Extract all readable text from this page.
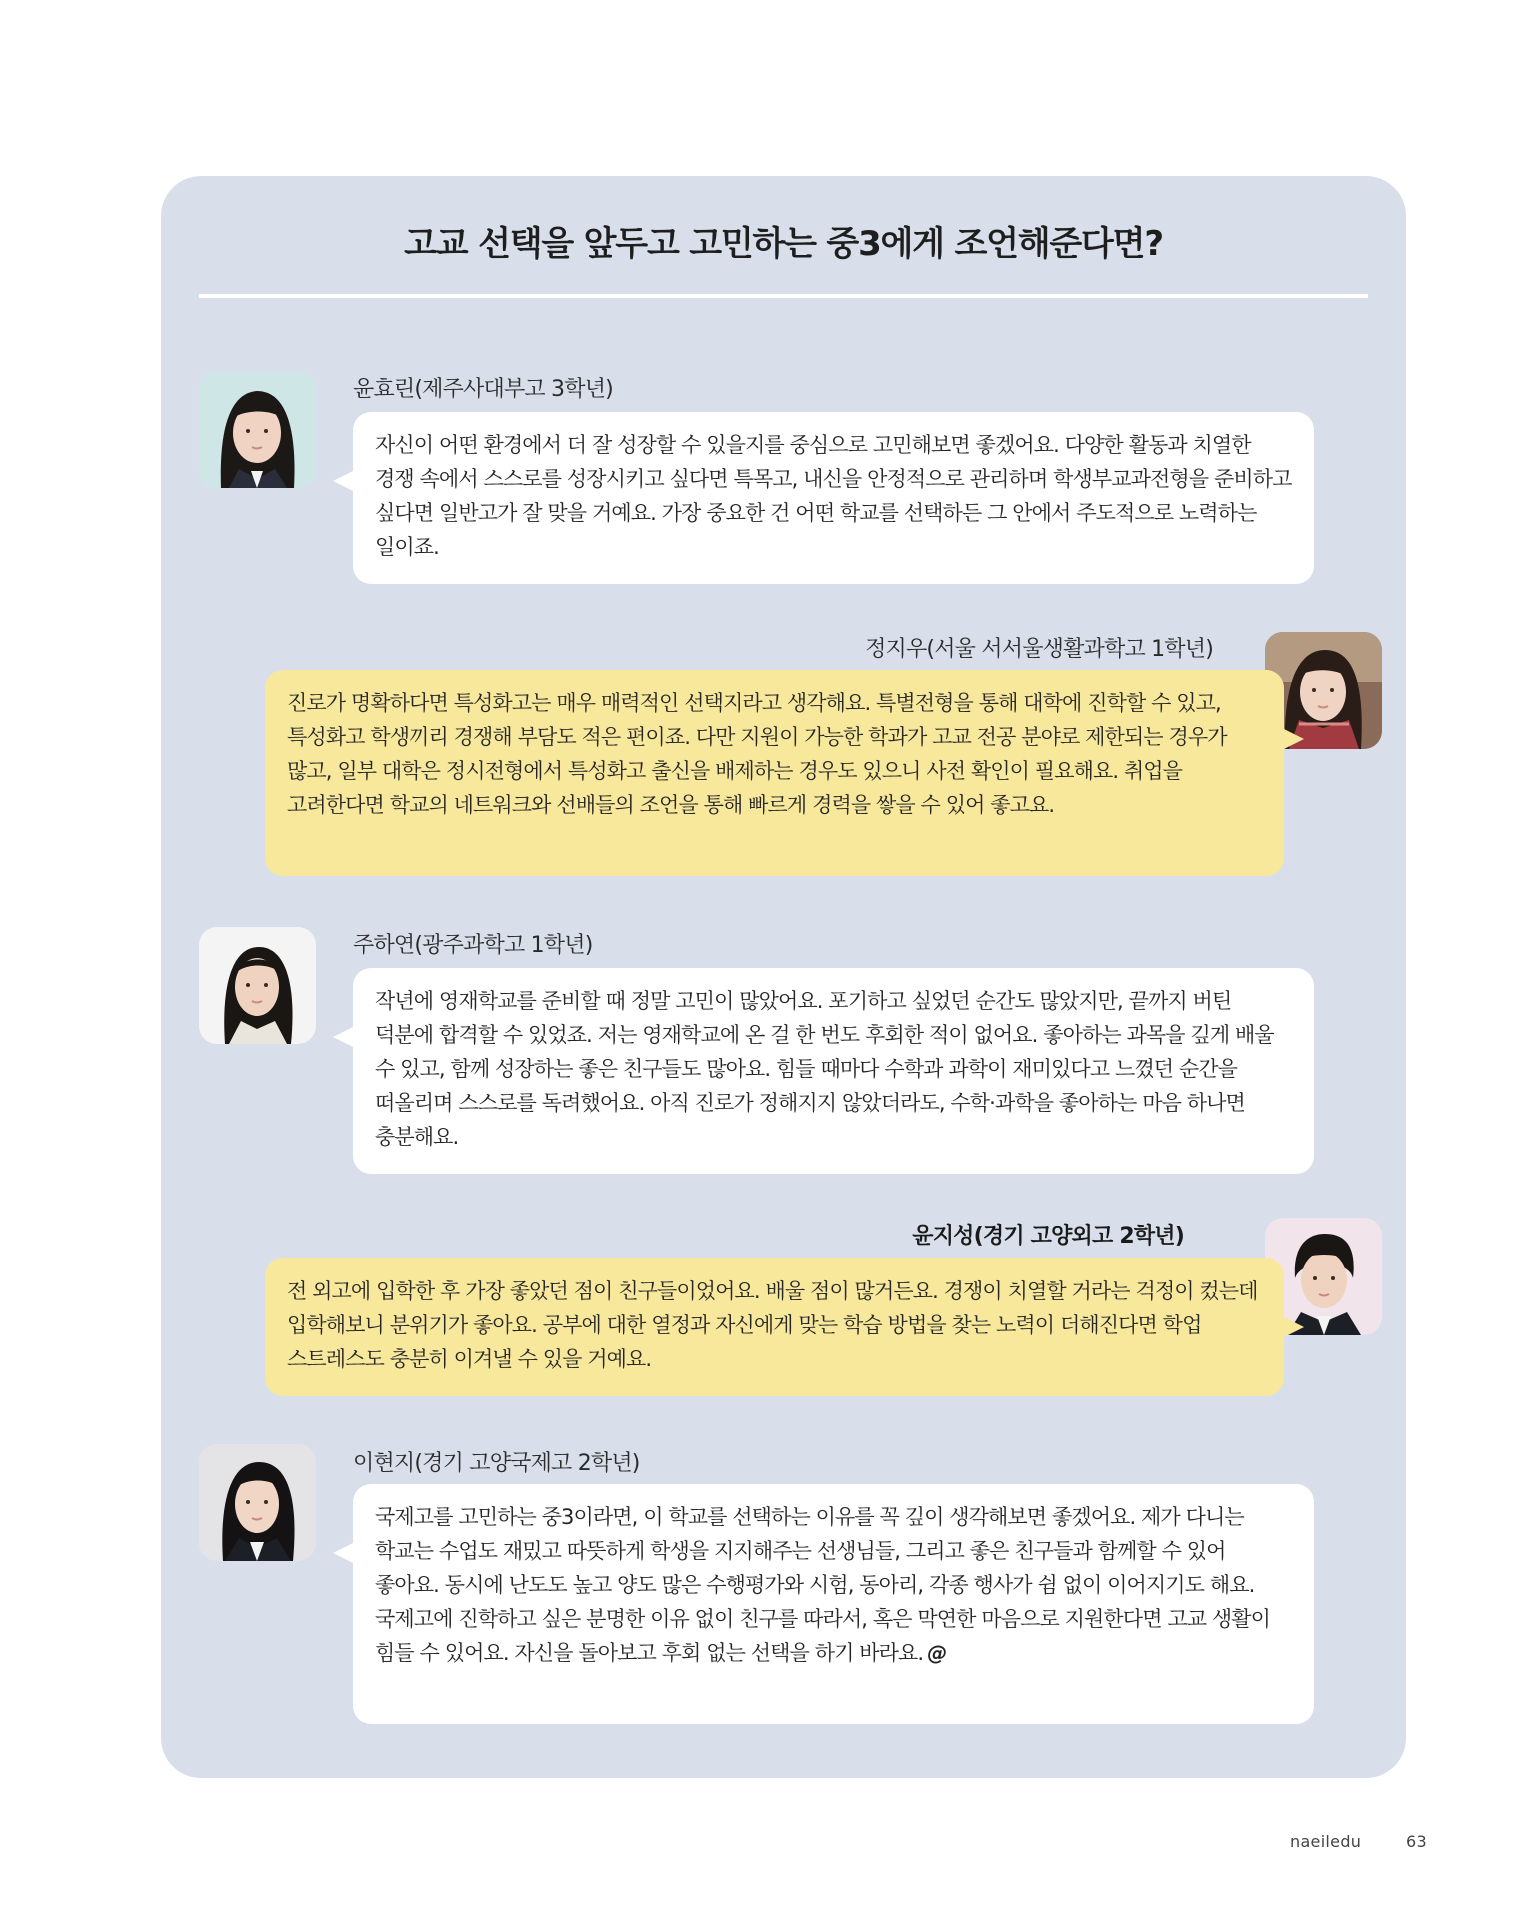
고교 선택을 앞두고 고민하는 중3에게 조언해준다면?
윤효린(제주사대부고 3학년)

자신이 어떤 환경에서 더 잘 성장할 수 있을지를 중심으로 고민해보면 좋겠어요. 다양한 활동과 치열한 경쟁 속에서 스스로를 성장시키고 싶다면 특목고, 내신을 안정적으로 관리하며 학생부교과전형을 준비하고 싶다면 일반고가 잘 맞을 거예요. 가장 중요한 건 어떤 학교를 선택하든 그 안에서 주도적으로 노력하는 일이죠.

정지우(서울 서서울생활과학고 1학년)

진로가 명확하다면 특성화고는 매우 매력적인 선택지라고 생각해요. 특별전형을 통해 대학에 진학할 수 있고, 특성화고 학생끼리 경쟁해 부담도 적은 편이죠. 다만 지원이 가능한 학과가 고교 전공 분야로 제한되는 경우가 많고, 일부 대학은 정시전형에서 특성화고 출신을 배제하는 경우도 있으니 사전 확인이 필요해요. 취업을 고려한다면 학교의 네트워크와 선배들의 조언을 통해 빠르게 경력을 쌓을 수 있어 좋고요.

주하연(광주과학고 1학년)

작년에 영재학교를 준비할 때 정말 고민이 많았어요. 포기하고 싶었던 순간도 많았지만, 끝까지 버틴 덕분에 합격할 수 있었죠. 저는 영재학교에 온 걸 한 번도 후회한 적이 없어요. 좋아하는 과목을 깊게 배울 수 있고, 함께 성장하는 좋은 친구들도 많아요. 힘들 때마다 수학과 과학이 재미있다고 느꼈던 순간을 떠올리며 스스로를 독려했어요. 아직 진로가 정해지지 않았더라도, 수학·과학을 좋아하는 마음 하나면 충분해요.

윤지성(경기 고양외고 2학년)

전 외고에 입학한 후 가장 좋았던 점이 친구들이었어요. 배울 점이 많거든요. 경쟁이 치열할 거라는 걱정이 컸는데 입학해보니 분위기가 좋아요. 공부에 대한 열정과 자신에게 맞는 학습 방법을 찾는 노력이 더해진다면 학업 스트레스도 충분히 이겨낼 수 있을 거예요.

이현지(경기 고양국제고 2학년)

국제고를 고민하는 중3이라면, 이 학교를 선택하는 이유를 꼭 깊이 생각해보면 좋겠어요. 제가 다니는 학교는 수업도 재밌고 따뜻하게 학생을 지지해주는 선생님들, 그리고 좋은 친구들과 함께할 수 있어 좋아요. 동시에 난도도 높고 양도 많은 수행평가와 시험, 동아리, 각종 행사가 쉼 없이 이어지기도 해요. 국제고에 진학하고 싶은 분명한 이유 없이 친구를 따라서, 혹은 막연한 마음으로 지원한다면 고교 생활이 힘들 수 있어요. 자신을 돌아보고 후회 없는 선택을 하기 바라요. @

naeiledu	63
